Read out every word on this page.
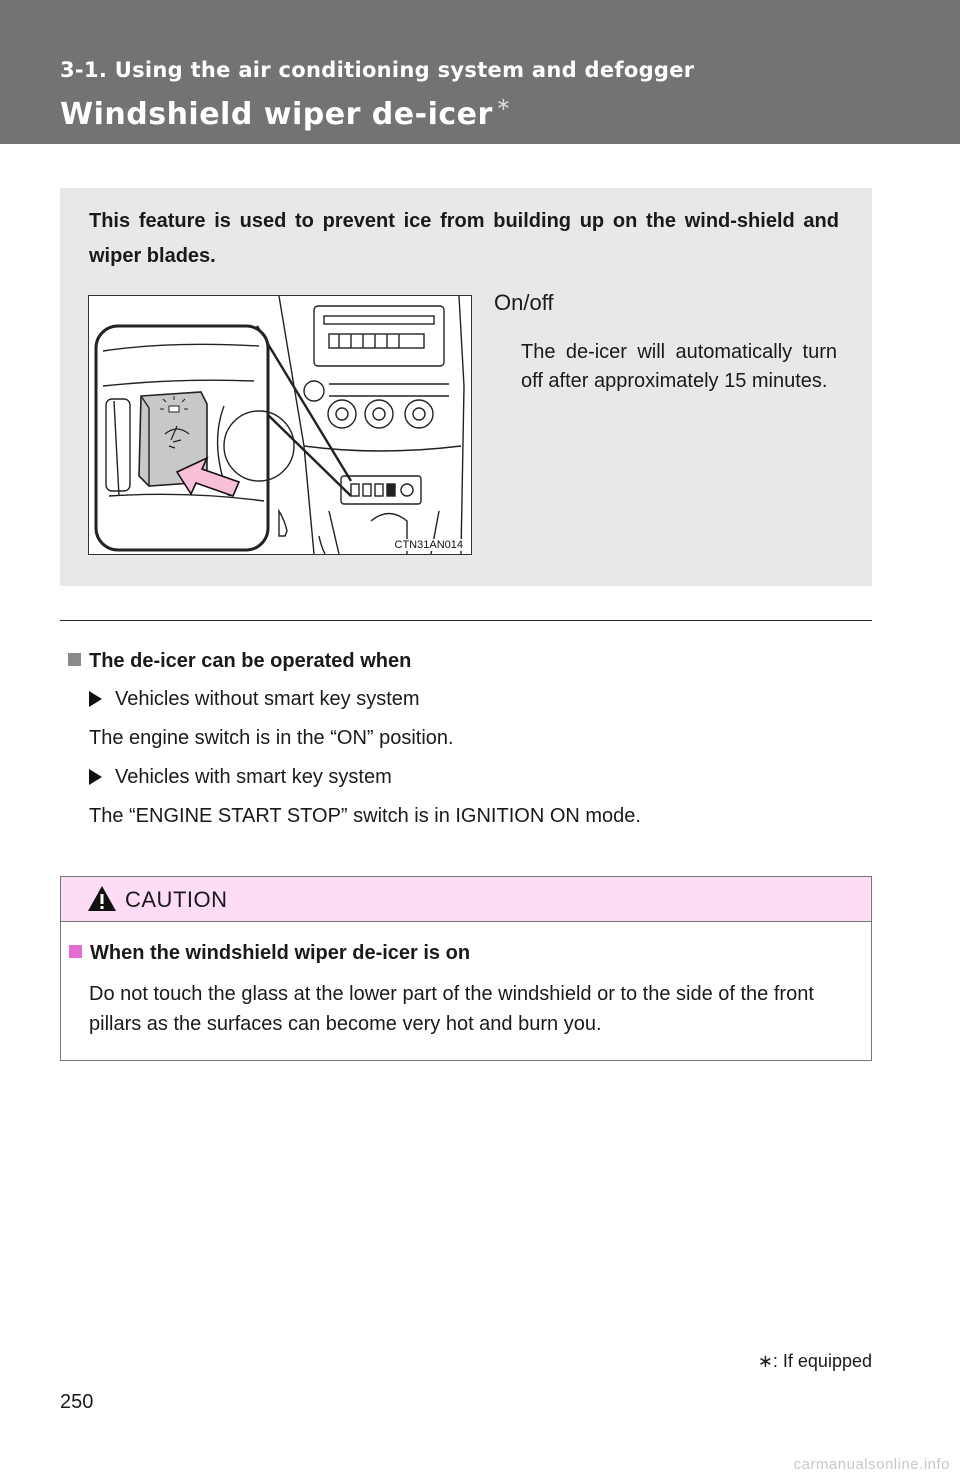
3-1. Using the air conditioning system and defogger
Windshield wiper de-icer ∗

This feature is used to prevent ice from building up on the wind-shield and wiper blades.

CTN31AN014
On/off

The de-icer will automatically turn off after approximately 15 minutes.

The de-icer can be operated when

Vehicles without smart key system

The engine switch is in the “ON” position.

Vehicles with smart key system

The “ENGINE START STOP” switch is in IGNITION ON mode.

CAUTION

When the windshield wiper de-icer is on

Do not touch the glass at the lower part of the windshield or to the side of the front pillars as the surfaces can become very hot and burn you.

∗: If equipped
250
carmanualsonline.info
